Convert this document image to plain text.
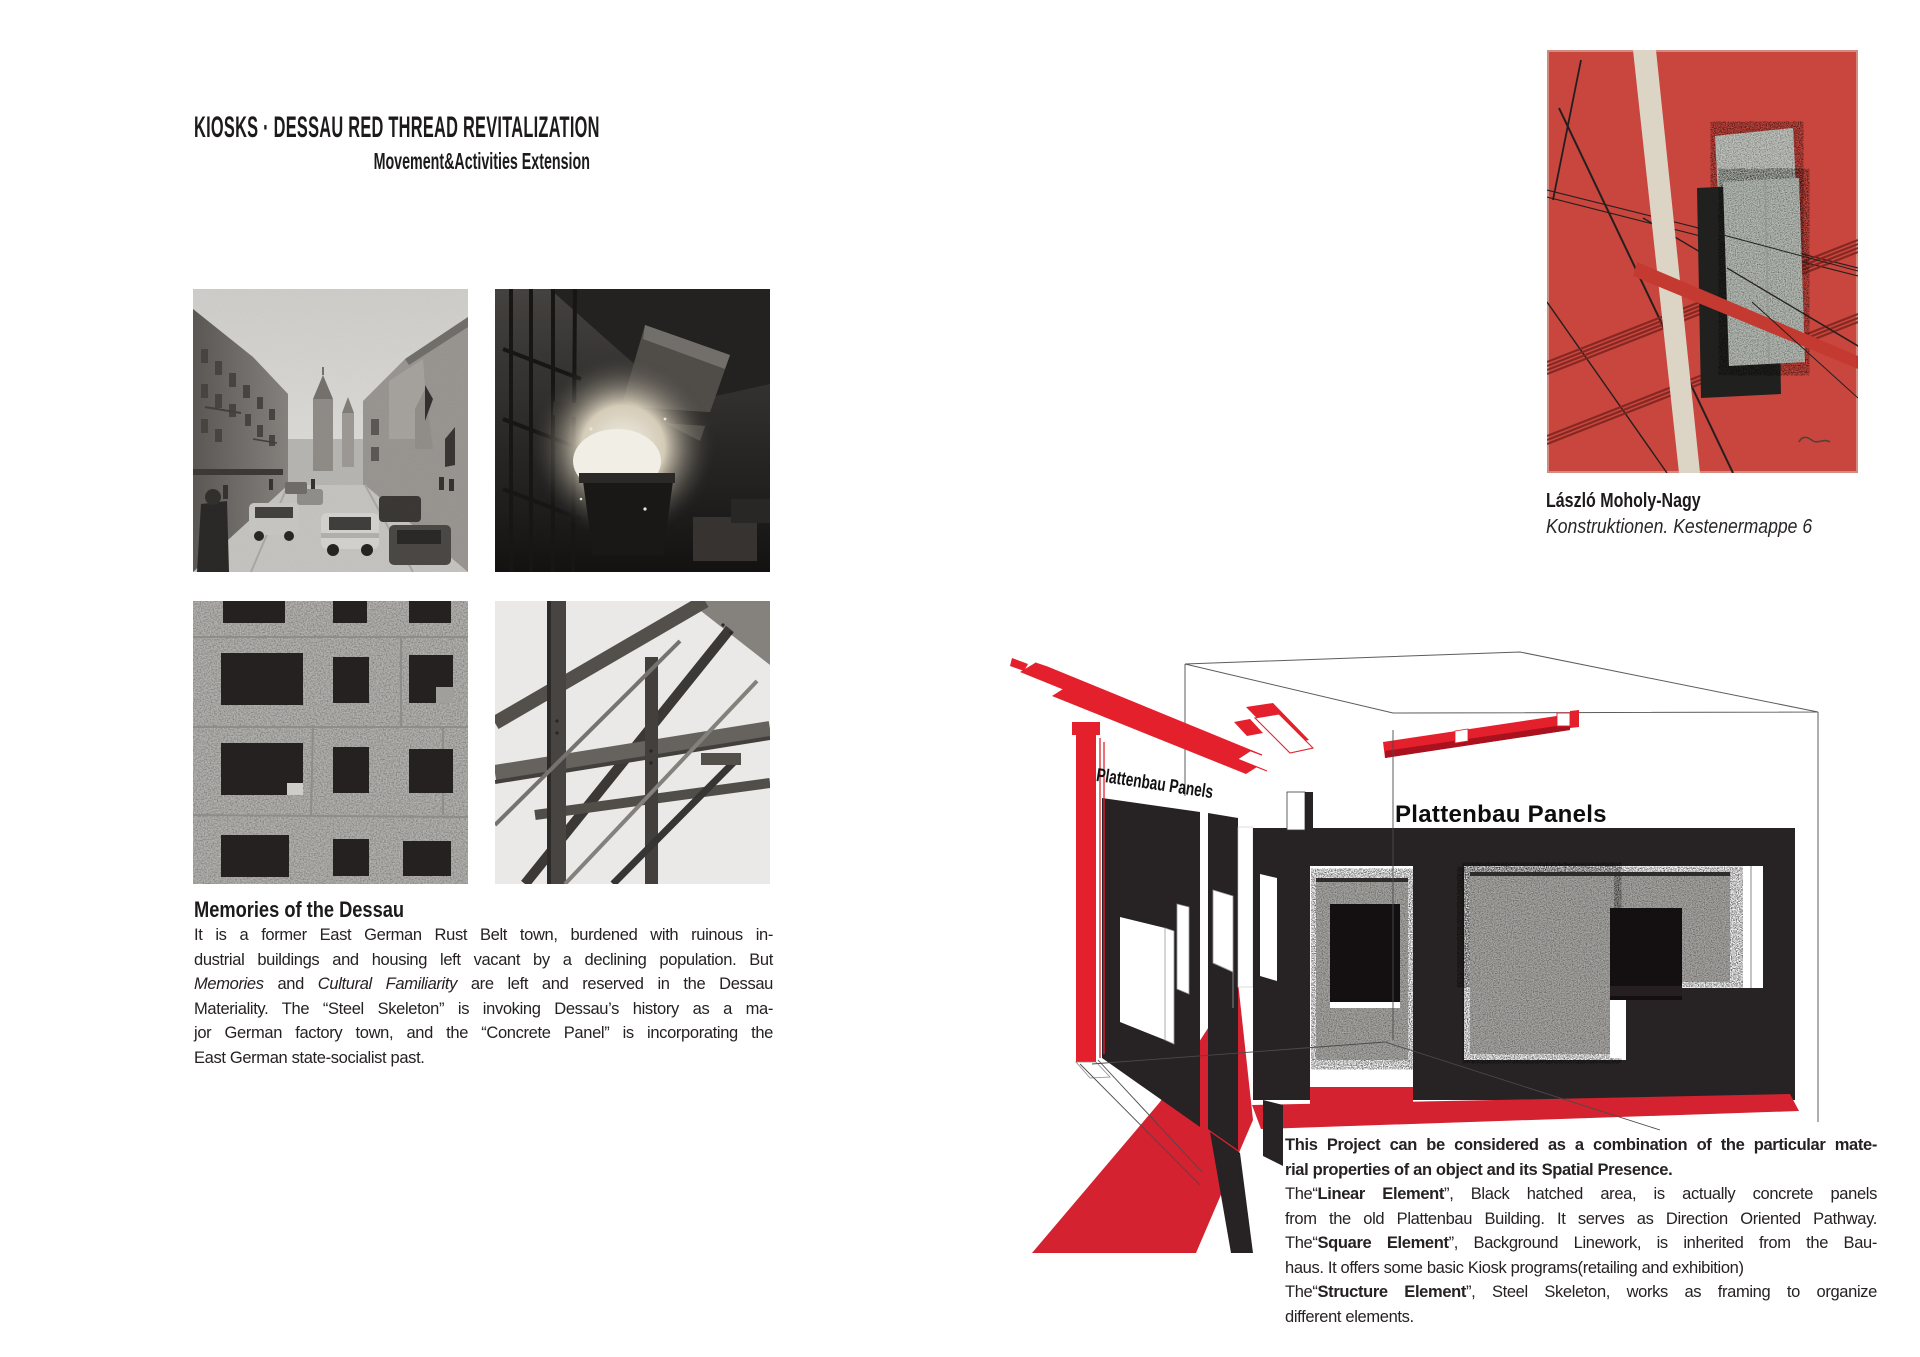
KIOSKS · DESSAU RED THREAD REVITALIZATION
Movement&Activities Extension
Memories of the Dessau
It is a former East German Rust Belt town, burdened with ruinous in-
dustrial buildings and housing left vacant by a declining population. But
Memories and Cultural Familiarity are left and reserved in the Dessau
Materiality. The “Steel Skeleton” is invoking Dessau’s history as a ma-
jor German factory town, and the “Concrete Panel” is incorporating the
East German state-socialist past.
László Moholy-Nagy
Konstruktionen. Kestenermappe 6
Plattenbau Panels
Plattenbau Panels
This Project can be considered as a combination of the particular mate-
rial properties of an object and its Spatial Presence.
The“Linear Element”, Black hatched area, is actually concrete panels
from the old Plattenbau Building. It serves as Direction Oriented Pathway.
The“Square Element”, Background Linework, is inherited from the Bau-
haus. It offers some basic Kiosk programs(retailing and exhibition)
The“Structure Element”, Steel Skeleton, works as framing to organize
different elements.
